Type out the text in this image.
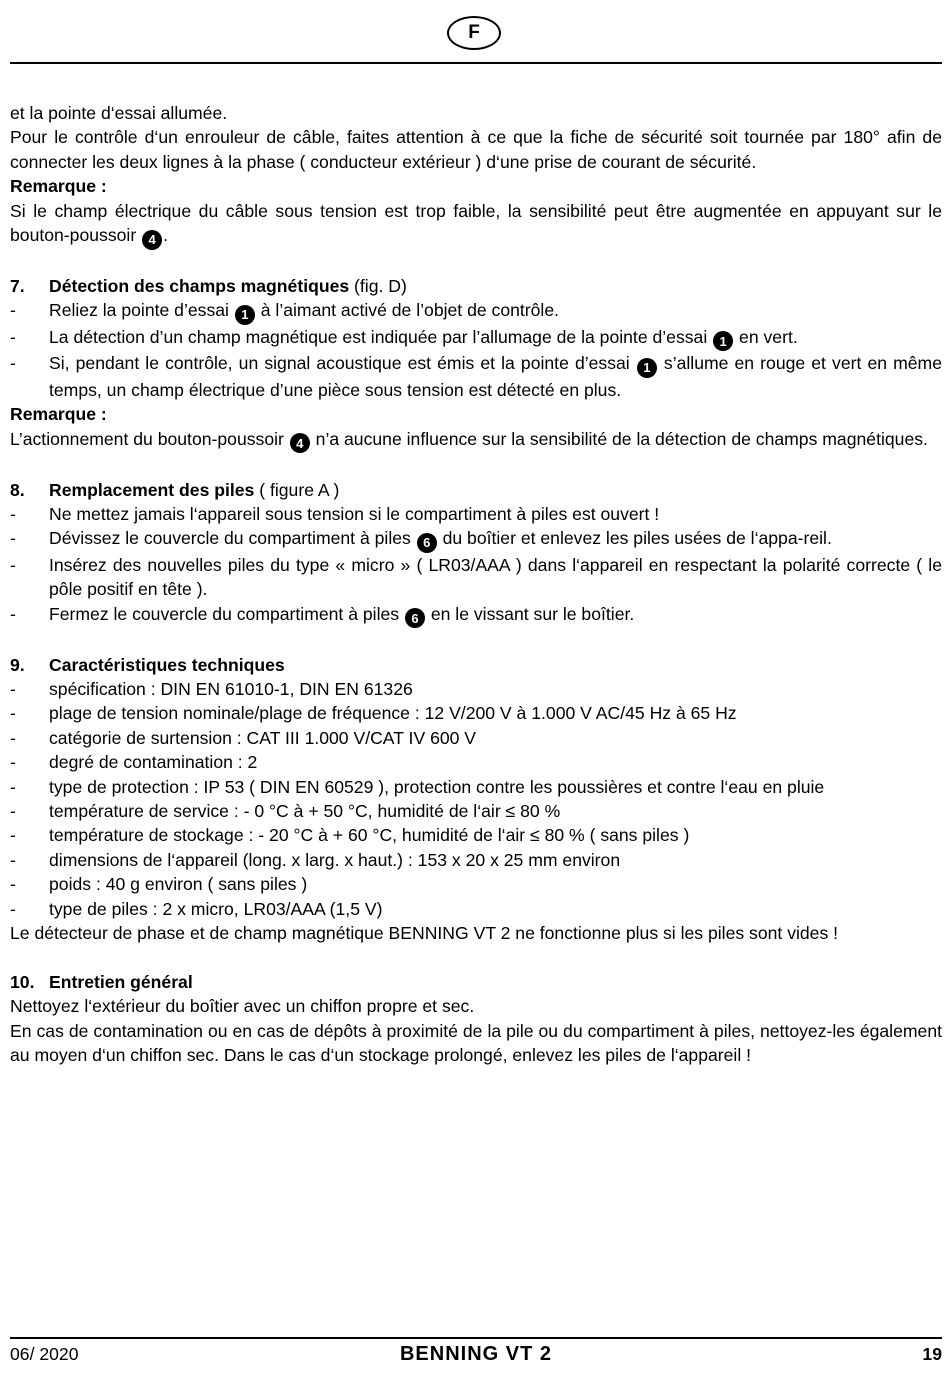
F

et la pointe d‘essai allumée.

Pour le contrôle d‘un enrouleur de câble, faites attention à ce que la fiche de sécurité soit tournée par 180° afin de connecter les deux lignes à la phase ( conducteur extérieur ) d‘une prise de courant de sécurité.

Remarque :

Si le champ électrique du câble sous tension est trop faible, la sensibilité peut être augmentée en appuyant sur le bouton-poussoir 4 .

7.	Détection des champs magnétiques (fig. D)
- Reliez la pointe d’essai 1 à l’aimant activé de l’objet de contrôle.
- La détection d’un champ magnétique est indiquée par l’allumage de la pointe d’essai 1 en vert.
- Si, pendant le contrôle, un signal acoustique est émis et la pointe d’essai 1 s’allume en rouge et vert en même temps, un champ électrique d’une pièce sous tension est détecté en plus.

Remarque :

L’actionnement du bouton-poussoir 4 n’a aucune influence sur la sensibilité de la détection de champs magnétiques.

8.	Remplacement des piles ( figure A )
- Ne mettez jamais l‘appareil sous tension si le compartiment à piles est ouvert !
- Dévissez le couvercle du compartiment à piles 6 du boîtier et enlevez les piles usées de l‘appa-reil.
- Insérez des nouvelles piles du type « micro » ( LR03/AAA ) dans l‘appareil en respectant la polarité correcte ( le pôle positif en tête ).
- Fermez le couvercle du compartiment à piles 6 en le vissant sur le boîtier.
9.	Caractéristiques techniques
- spécification : DIN EN 61010-1, DIN EN 61326
- plage de tension nominale/plage de fréquence : 12 V/200 V à 1.000 V AC/45 Hz à 65 Hz
- catégorie de surtension : CAT III 1.000 V/CAT IV 600 V
- degré de contamination : 2
- type de protection : IP 53 ( DIN EN 60529 ), protection contre les poussières et contre l‘eau en pluie
- température de service : - 0 °C à + 50 °C, humidité de l‘air ≤ 80 %
- température de stockage : - 20 °C à + 60 °C, humidité de l‘air ≤ 80 % ( sans piles )
- dimensions de l‘appareil (long. x larg. x haut.) : 153 x 20 x 25 mm environ
- poids : 40 g environ ( sans piles )
- type de piles : 2 x micro, LR03/AAA (1,5 V)

Le détecteur de phase et de champ magnétique BENNING VT 2 ne fonctionne plus si les piles sont vides !

10. Entretien général

Nettoyez l‘extérieur du boîtier avec un chiffon propre et sec.

En cas de contamination ou en cas de dépôts à proximité de la pile ou du compartiment à piles, nettoyez-les également au moyen d‘un chiffon sec. Dans le cas d‘un stockage prolongé, enlevez les piles de l‘appareil !

06/ 2020	BENNING VT 2	19
